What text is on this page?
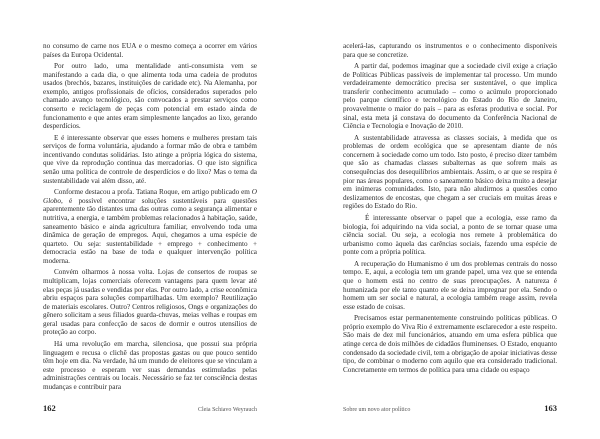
no consumo de carne nos EUA e o mesmo começa a ocorrer em vários países da Europa Ocidental.

Por outro lado, uma mentalidade anti-consumista vem se manifestando a cada dia, o que alimenta toda uma cadeia de produtos usados (brechós, bazares, instituições de caridade etc). Na Alemanha, por exemplo, antigos profissionais de ofícios, considerados superados pelo chamado avanço tecnológico, são convocados a prestar serviços como conserto e reciclagem de peças com potencial em estado ainda de funcionamento e que antes eram simplesmente lançados ao lixo, gerando desperdícios.

E é interessante observar que esses homens e mulheres prestam tais serviços de forma voluntária, ajudando a formar mão de obra e também incentivando condutas solidárias. Isto atinge a própria lógica do sistema, que vive da reprodução contínua das mercadorias. O que isto significa senão uma política de controle de desperdícios e do lixo? Mas o tema da sustentabilidade vai além disso, até.

Conforme destacou a profa. Tatiana Roque, em artigo publicado em O Globo, é possível encontrar soluções sustentáveis para questões aparentemente tão distantes uma das outras como a segurança alimentar e nutritiva, a energia, e também problemas relacionados à habitação, saúde, saneamento básico e ainda agricultura familiar, envolvendo toda uma dinâmica de geração de empregos. Aqui, chegamos a uma espécie de quarteto. Ou seja: sustentabilidade + emprego + conhecimento + democracia estão na base de toda e qualquer intervenção política moderna.

Convém olharmos à nossa volta. Lojas de consertos de roupas se multiplicam, lojas comerciais oferecem vantagens para quem levar até elas peças já usadas e vendidas por elas. Por outro lado, a crise econômica abriu espaços para soluções compartilhadas. Um exemplo? Reutilização de materiais escolares. Outro? Centros religiosos, Ongs e organizações do gênero solicitam a seus filiados guarda-chuvas, meias velhas e roupas em geral usadas para confecção de sacos de dormir e outros utensílios de proteção ao corpo.

Há uma revolução em marcha, silenciosa, que possui sua própria linguagem e recusa o clichê das propostas gastas ou que pouco sentido têm hoje em dia. Na verdade, há um mundo de eleitores que se vinculam a este processo e esperam ver suas demandas estimuladas pelas administrações centrais ou locais. Necessário se faz ter consciência destas mudanças e contribuir para

162	Cleia Schiavo Weyrauch

acelerá-las, capturando os instrumentos e o conhecimento disponíveis para que se concretize.

A partir daí, podemos imaginar que a sociedade civil exige a criação de Políticas Públicas passíveis de implementar tal processo. Um mundo verdadeiramente democrático precisa ser sustentável, o que implica transferir conhecimento acumulado – como o acúmulo proporcionado pelo parque científico e tecnológico do Estado do Rio de Janeiro, provavelmente o maior do país – para as esferas produtiva e social. Por sinal, esta meta já constava do documento da Conferência Nacional de Ciência e Tecnologia e Inovação de 2010.

A sustentabilidade atravessa as classes sociais, à medida que os problemas de ordem ecológica que se apresentam diante de nós concernem à sociedade como um todo. Isto posto, é preciso dizer também que são as chamadas classes subalternas as que sofrem mais as consequências dos desequilíbrios ambientais. Assim, o ar que se respira é pior nas áreas populares, como o saneamento básico deixa muito a desejar em inúmeras comunidades. Isto, para não aludirmos a questões como deslizamentos de encostas, que chegam a ser cruciais em muitas áreas e regiões do Estado do Rio.

É interessante observar o papel que a ecologia, esse ramo da biologia, foi adquirindo na vida social, a ponto de se tornar quase uma ciência social. Ou seja, a ecologia nos remete à problemática do urbanismo como àquela das carências sociais, fazendo uma espécie de ponte com a própria política.

A recuperação do Humanismo é um dos problemas centrais do nosso tempo. E, aqui, a ecologia tem um grande papel, uma vez que se entenda que o homem está no centro de suas preocupações. A natureza é humanizada por ele tanto quanto ele se deixa impregnar por ela. Sendo o homem um ser social e natural, a ecologia também reage assim, revela esse estado de coisas.

Precisamos estar permanentemente construindo políticas públicas. O próprio exemplo do Viva Rio é extremamente esclarecedor a este respeito. São mais de dez mil funcionários, atuando em uma esfera pública que atinge cerca de dois milhões de cidadãos fluminenses. O Estado, enquanto condensado da sociedade civil, tem a obrigação de apoiar iniciativas desse tipo, de combinar o moderno com aquilo que era considerado tradicional. Concretamente em termos de política para uma cidade ou espaço

Sobre um novo ator político	163
